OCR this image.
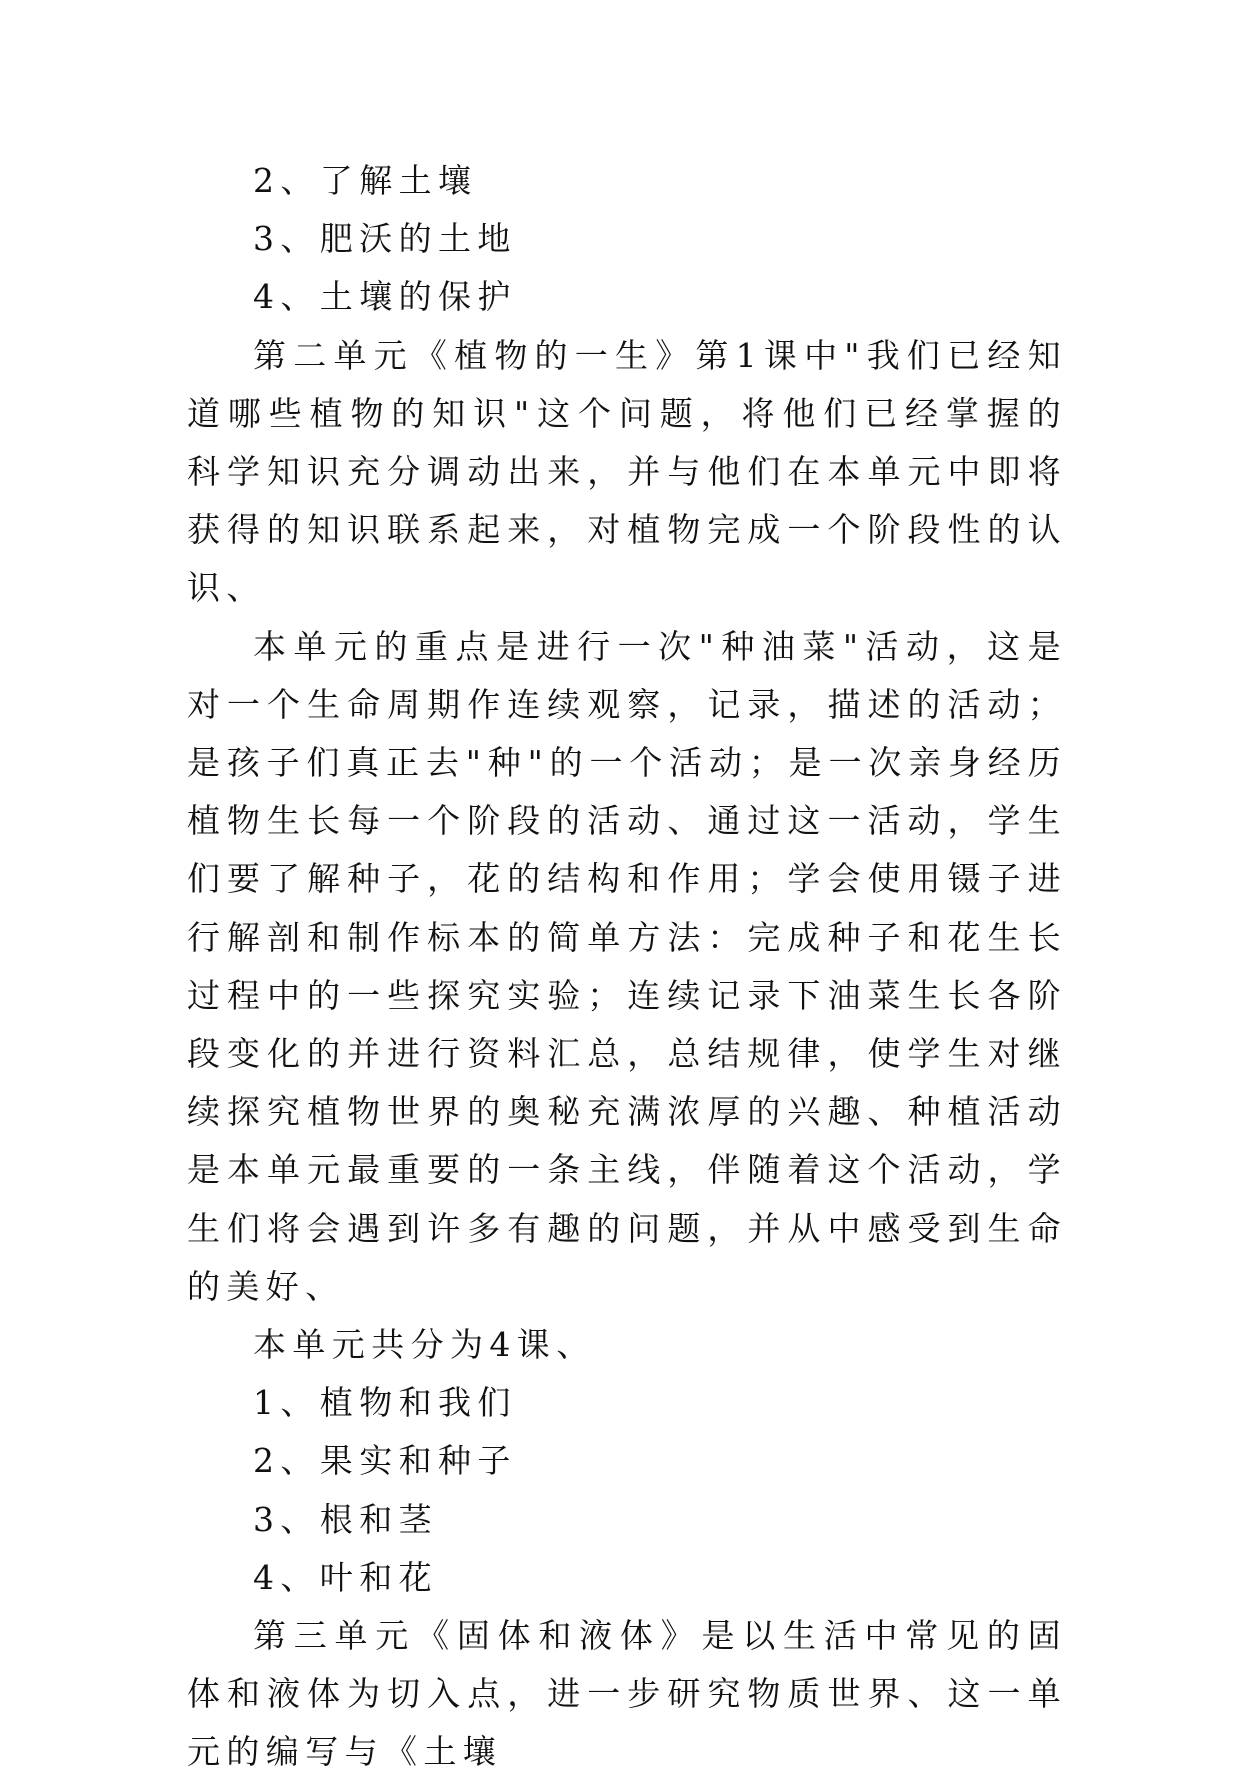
2、了解土壤

3、肥沃的土地

4、土壤的保护

第二单元《植物的一生》第1课中"我们已经知道哪些植物的知识"这个问题，将他们已经掌握的科学知识充分调动出来，并与他们在本单元中即将获得的知识联系起来，对植物完成一个阶段性的认识、

本单元的重点是进行一次"种油菜"活动，这是对一个生命周期作连续观察，记录，描述的活动；是孩子们真正去"种"的一个活动；是一次亲身经历植物生长每一个阶段的活动、通过这一活动，学生们要了解种子，花的结构和作用；学会使用镊子进行解剖和制作标本的简单方法：完成种子和花生长过程中的一些探究实验；连续记录下油菜生长各阶段变化的并进行资料汇总，总结规律，使学生对继续探究植物世界的奥秘充满浓厚的兴趣、种植活动是本单元最重要的一条主线，伴随着这个活动，学生们将会遇到许多有趣的问题，并从中感受到生命的美好、

本单元共分为4课、

1、植物和我们

2、果实和种子

3、根和茎

4、叶和花

第三单元《固体和液体》是以生活中常见的固体和液体为切入点，进一步研究物质世界、这一单元的编写与《土壤
